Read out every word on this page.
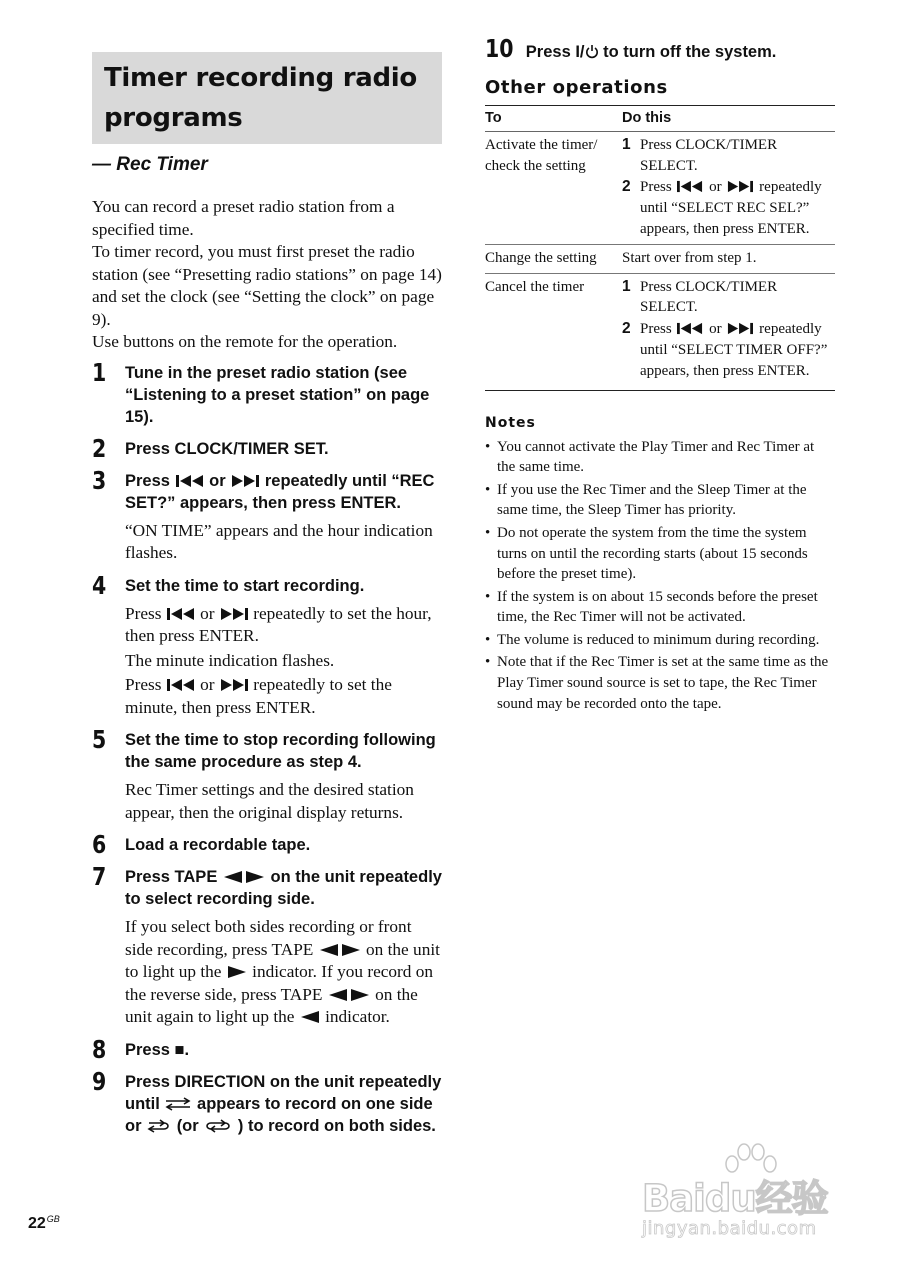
Timer recording radio
programs
— Rec Timer

You can record a preset radio station from a specified time.

To timer record, you must first preset the radio station (see “Presetting radio stations” on page 14) and set the clock (see “Setting the clock” on page 9).

Use buttons on the remote for the operation.

1 Tune in the preset radio station (see “Listening to a preset station” on page 15).

2 Press CLOCK/TIMER SET.

3 Press or repeatedly until “REC SET?” appears, then press ENTER.

“ON TIME” appears and the hour indication flashes.

4 Set the time to start recording.

Press or repeatedly to set the hour, then press ENTER.

The minute indication flashes.

Press or repeatedly to set the minute, then press ENTER.

5 Set the time to stop recording following the same procedure as step 4.

Rec Timer settings and the desired station appear, then the original display returns.

6 Load a recordable tape.

7 Press TAPE	on the unit repeatedly to select recording side.

If you select both sides recording or front side recording, press TAPE	on the unit to light up the indicator. If you record on the reverse side, press TAPE	on the unit again to light up the indicator.

8 Press ■.

9 Press DIRECTION on the unit repeatedly until appears to record on one side or (or ) to record on both sides.

10 Press I/ to turn off the system.
Other operations
To	Do this
Activate the timer/ check the setting	1 Press CLOCK/TIMER SELECT.
2 Press or repeatedly until “SELECT REC SEL?” appears, then press ENTER.

Change the setting	Start over from step 1.
Cancel the timer	1 Press CLOCK/TIMER SELECT.
2 Press or repeatedly until “SELECT TIMER OFF?” appears, then press ENTER.
Notes
• You cannot activate the Play Timer and Rec Timer at the same time.
• If you use the Rec Timer and the Sleep Timer at the same time, the Sleep Timer has priority.
• Do not operate the system from the time the system turns on until the recording starts (about 15 seconds before the preset time).
• If the system is on about 15 seconds before the preset time, the Rec Timer will not be activated.
• The volume is reduced to minimum during recording.
• Note that if the Rec Timer is set at the same time as the Play Timer sound source is set to tape, the Rec Timer sound may be recorded onto the tape.
$22^{GB}$	Baidu经验
jingyan.baidu.com
